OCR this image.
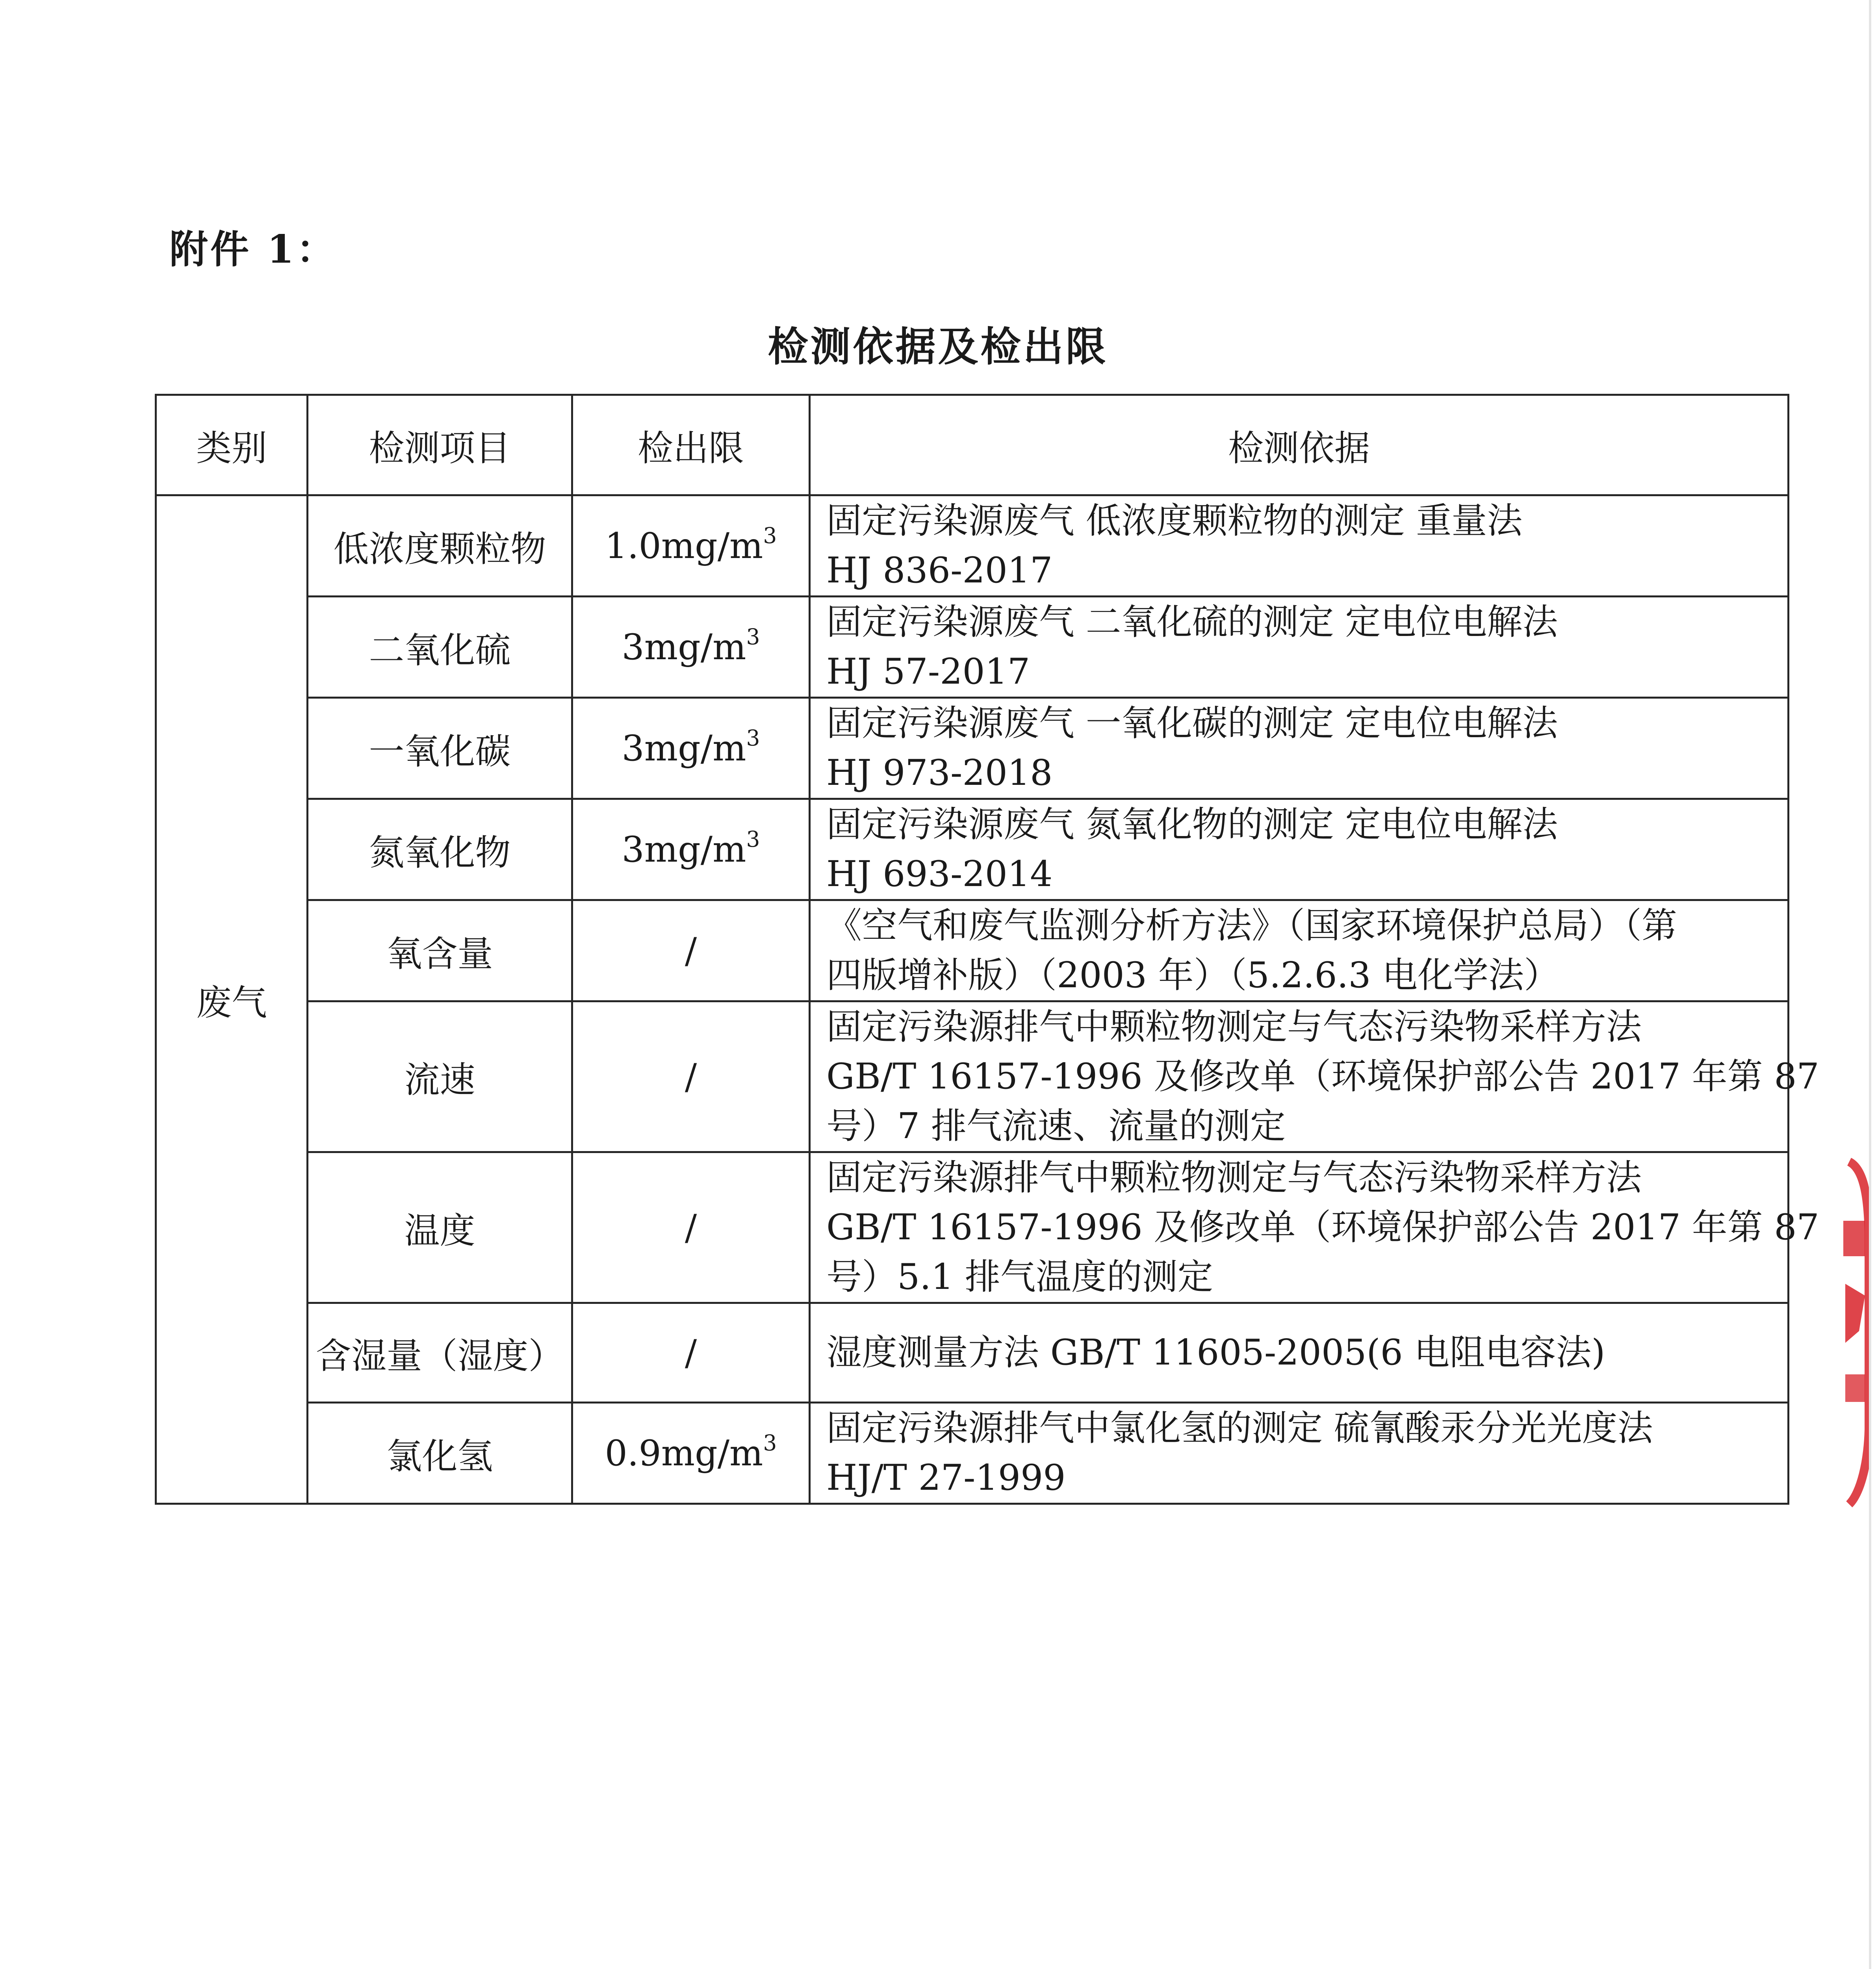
附件 1：
检测依据及检出限
类别	检测项目	检出限	检测依据
废气	低浓度颗粒物	$1.0mg/m^3$	固定污染源废气 低浓度颗粒物的测定 重量法
HJ 836-2017

	二氧化硫	$3mg/m^3$	固定污染源废气 二氧化硫的测定 定电位电解法
HJ 57-2017

	一氧化碳	$3mg/m^3$	固定污染源废气 一氧化碳的测定 定电位电解法
HJ 973-2018

	氮氧化物	$3mg/m^3$	固定污染源废气 氮氧化物的测定 定电位电解法
HJ 693-2014

	氧含量	/	《空气和废气监测分析方法》（国家环境保护总局）（第
四版增补版）（2003 年）（5.2.6.3 电化学法）

	流速	/	固定污染源排气中颗粒物测定与气态污染物采样方法
GB/T 16157-1996 及修改单（环境保护部公告 2017 年第 87
号）7 排气流速、流量的测定

	温度	/	固定污染源排气中颗粒物测定与气态污染物采样方法
GB/T 16157-1996 及修改单（环境保护部公告 2017 年第 87
号）5.1 排气温度的测定

	含湿量（湿度）	/	湿度测量方法 GB/T 11605-2005(6 电阻电容法)

	氯化氢	$0.9mg/m^3$	固定污染源排气中氯化氢的测定 硫氰酸汞分光光度法
HJ/T 27-1999
